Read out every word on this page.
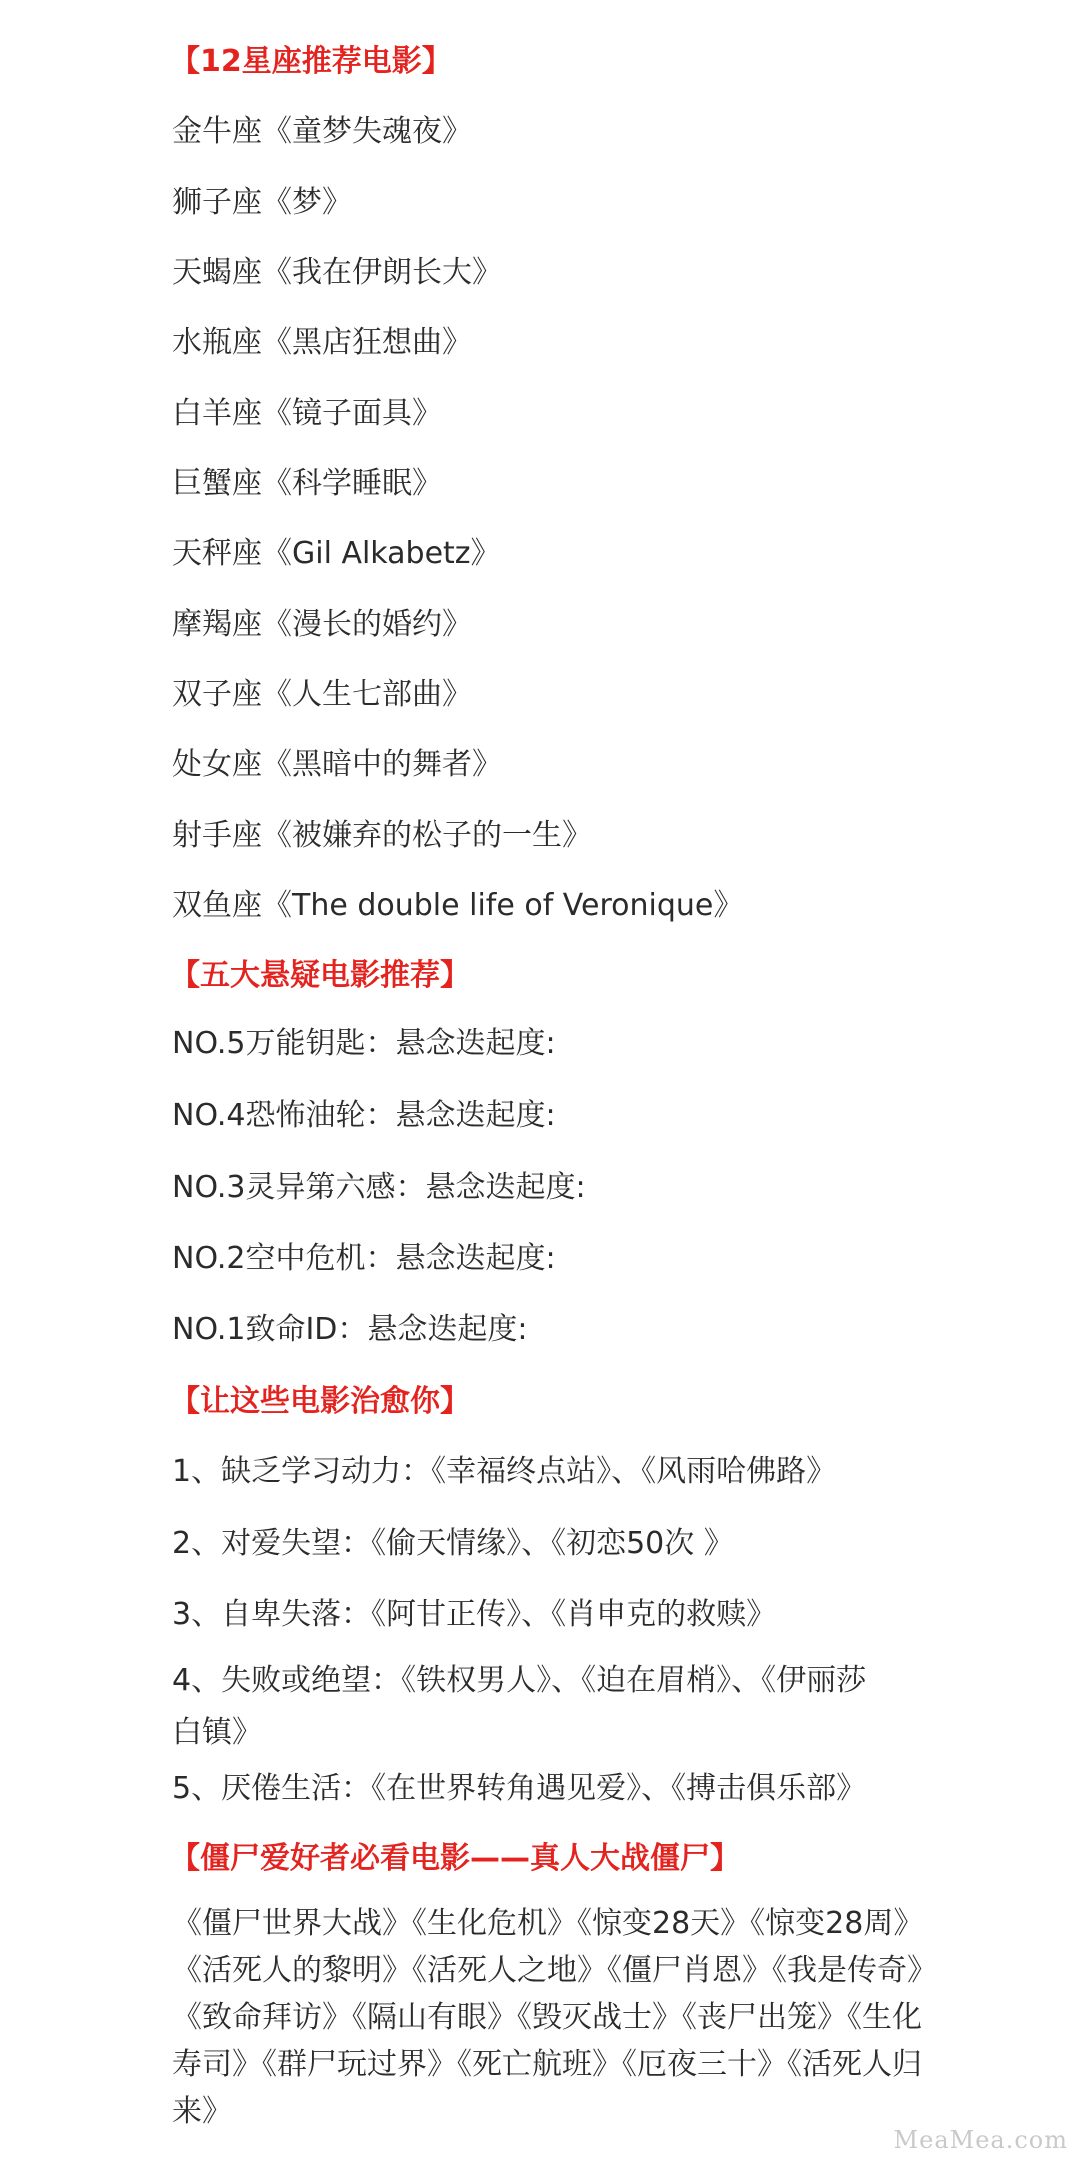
【12星座推荐电影】
金牛座《童梦失魂夜》
狮子座《梦》
天蝎座《我在伊朗长大》
水瓶座《黑店狂想曲》
白羊座《镜子面具》
巨蟹座《科学睡眠》
天秤座《Gil Alkabetz》
摩羯座《漫长的婚约》
双子座《人生七部曲》
处女座《黑暗中的舞者》
射手座《被嫌弃的松子的一生》
双鱼座《The double life of Veronique》
【五大悬疑电影推荐】
NO.5万能钥匙：悬念迭起度:
NO.4恐怖油轮：悬念迭起度:
NO.3灵异第六感：悬念迭起度:
NO.2空中危机：悬念迭起度:
NO.1致命ID：悬念迭起度:
【让这些电影治愈你】
1、缺乏学习动力：《幸福终点站》、《风雨哈佛路》
2、对爱失望：《偷天情缘》、《初恋50次 》
3、自卑失落：《阿甘正传》、《肖申克的救赎》
4、失败或绝望：《铁权男人》、《迫在眉梢》、《伊丽莎白镇》
5、厌倦生活：《在世界转角遇见爱》、《搏击俱乐部》
【僵尸爱好者必看电影——真人大战僵尸】
《僵尸世界大战》《生化危机》《惊变28天》《惊变28周》《活死人的黎明》《活死人之地》《僵尸肖恩》《我是传奇》《致命拜访》《隔山有眼》《毁灭战士》《丧尸出笼》《生化寿司》《群尸玩过界》《死亡航班》《厄夜三十》《活死人归来》
MeaMea.com
